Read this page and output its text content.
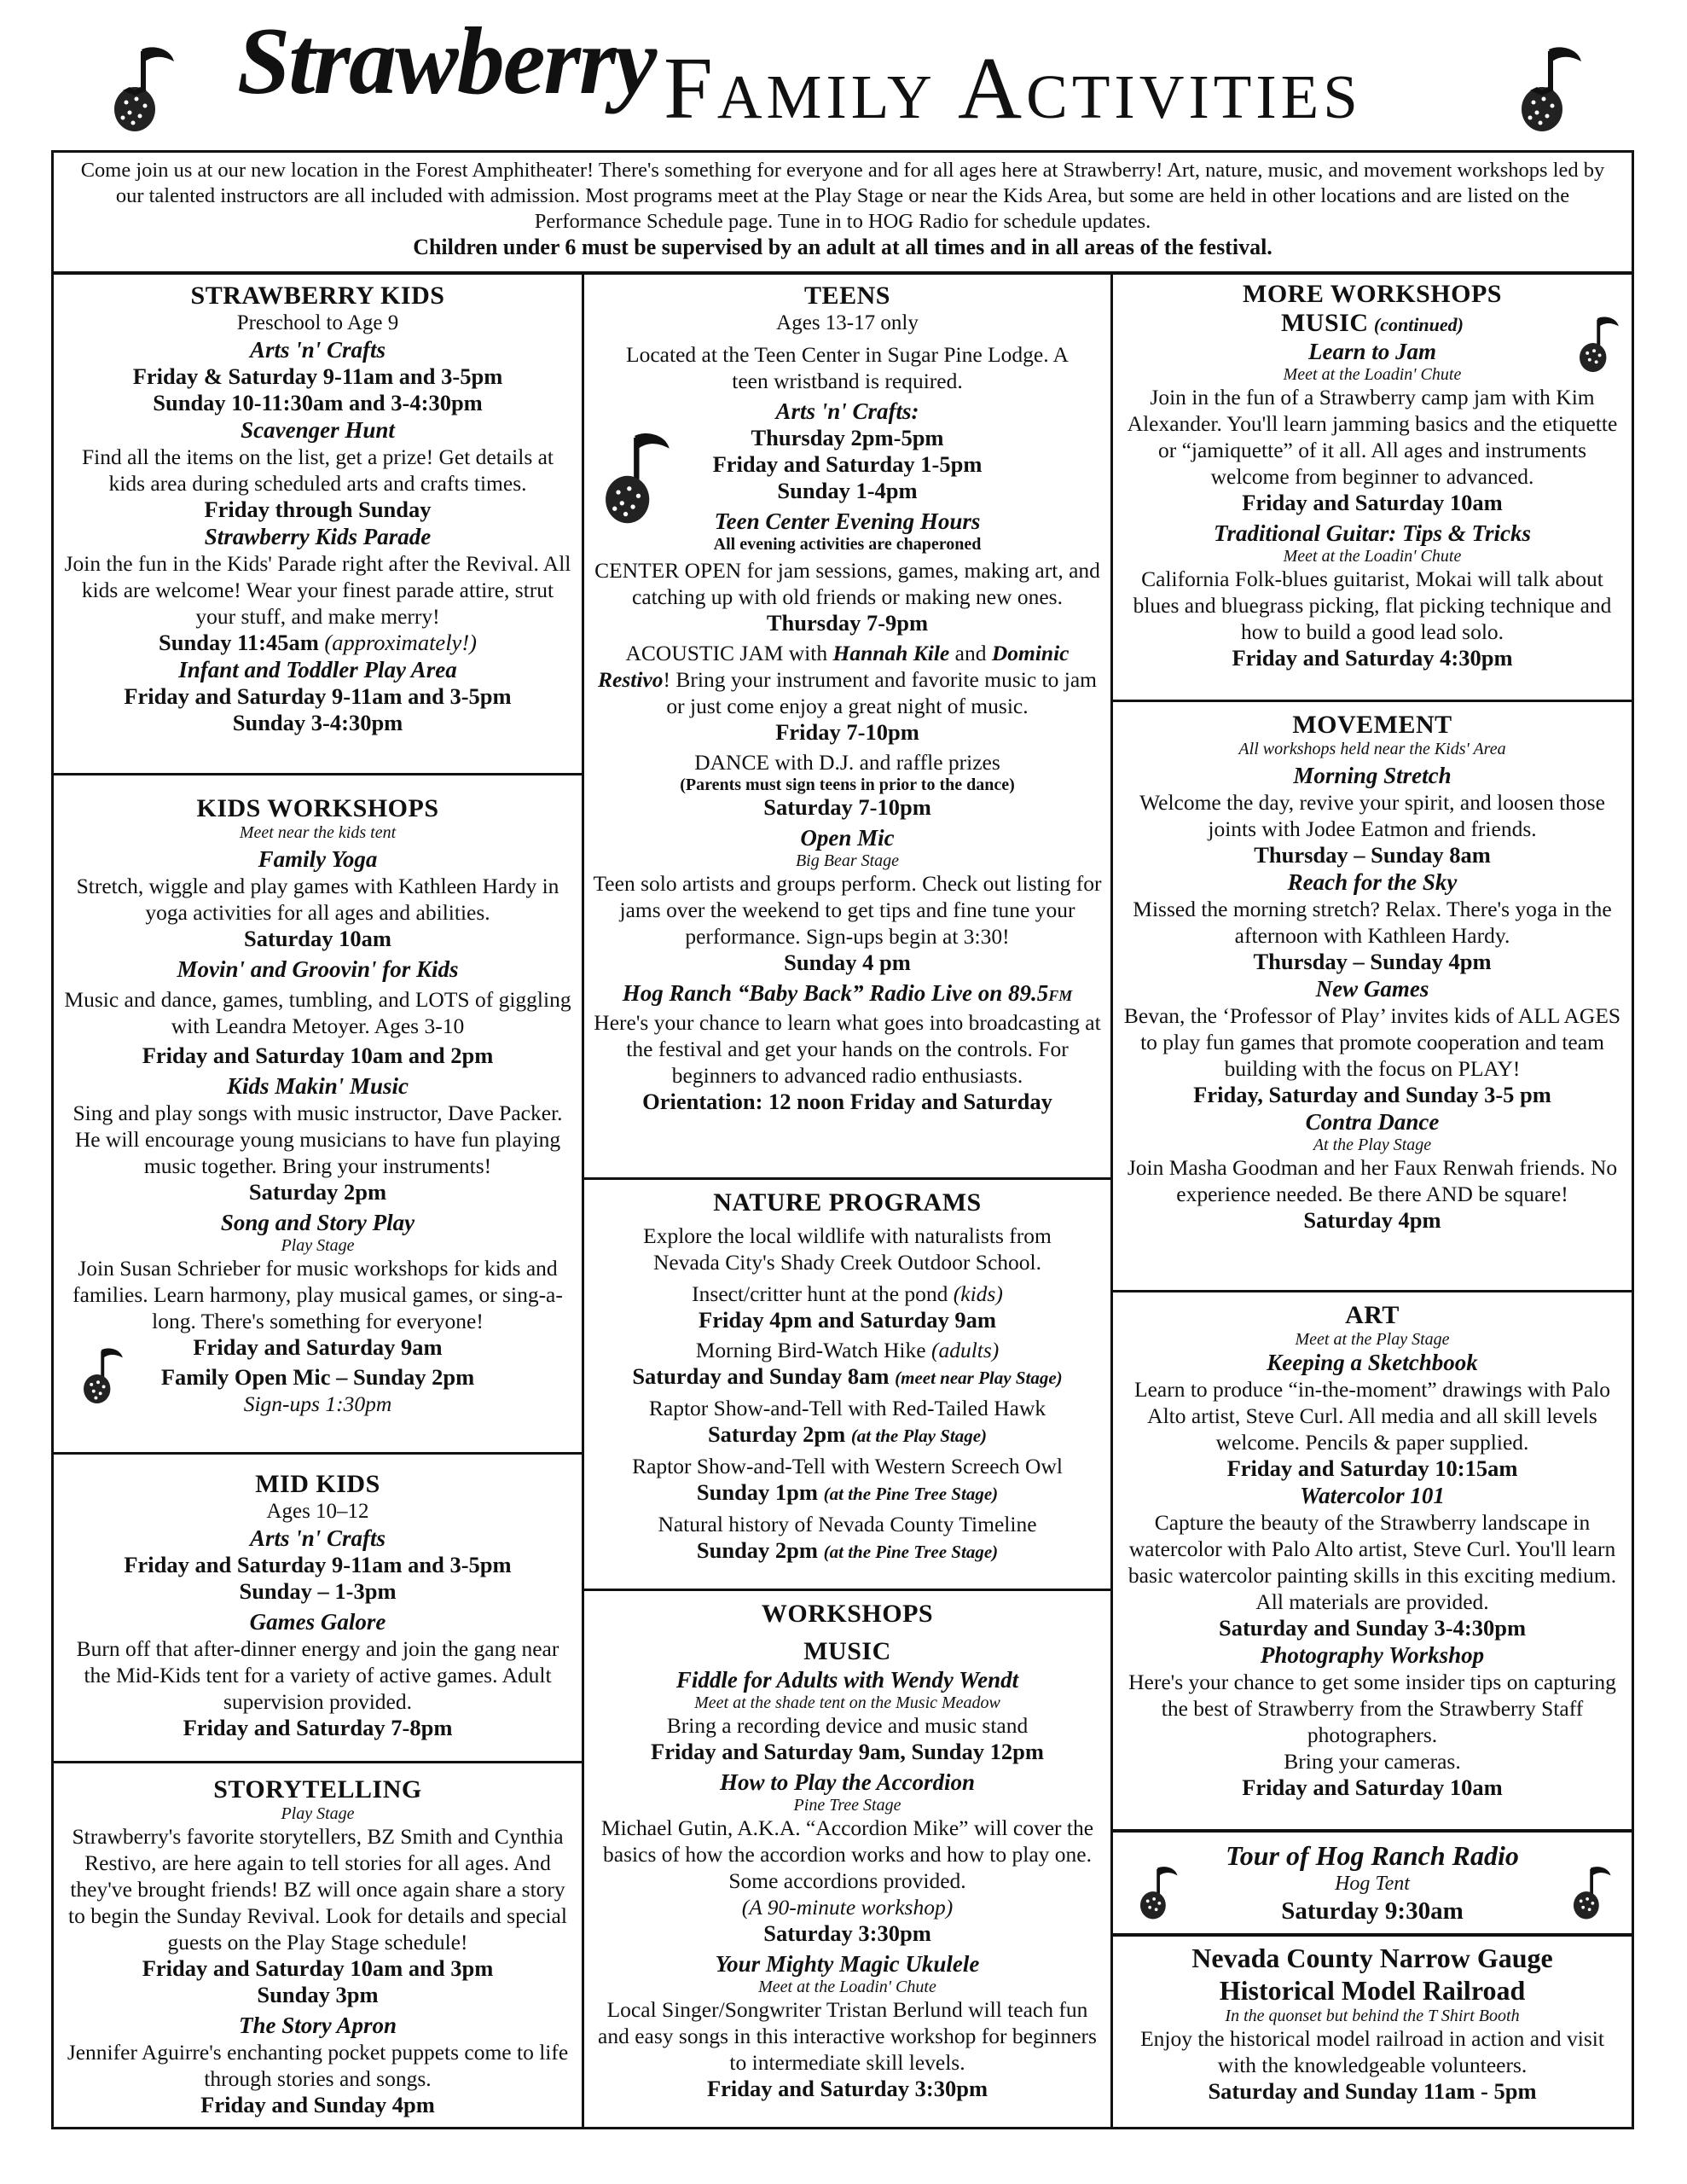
Strawberry Family Activities
Come join us at our new location in the Forest Amphitheater! There's something for everyone and for all ages here at Strawberry! Art, nature, music, and movement workshops led by our talented instructors are all included with admission. Most programs meet at the Play Stage or near the Kids Area, but some are held in other locations and are listed on the Performance Schedule page. Tune in to HOG Radio for schedule updates.
Children under 6 must be supervised by an adult at all times and in all areas of the festival.
STRAWBERRY KIDS
Preschool to Age 9
Arts 'n' Crafts
Friday & Saturday 9-11am and 3-5pm
Sunday 10-11:30am and 3-4:30pm
Scavenger Hunt
Find all the items on the list, get a prize! Get details at kids area during scheduled arts and crafts times.
Friday through Sunday
Strawberry Kids Parade
Join the fun in the Kids' Parade right after the Revival. All kids are welcome! Wear your finest parade attire, strut your stuff, and make merry!
Sunday 11:45am (approximately!)
Infant and Toddler Play Area
Friday and Saturday 9-11am and 3-5pm
Sunday 3-4:30pm
KIDS WORKSHOPS
Meet near the kids tent
Family Yoga
Stretch, wiggle and play games with Kathleen Hardy in yoga activities for all ages and abilities.
Saturday 10am
Movin' and Groovin' for Kids
Music and dance, games, tumbling, and LOTS of giggling with Leandra Metoyer. Ages 3-10
Friday and Saturday 10am and 2pm
Kids Makin' Music
Sing and play songs with music instructor, Dave Packer. He will encourage young musicians to have fun playing music together. Bring your instruments!
Saturday 2pm
Song and Story Play
Play Stage
Join Susan Schrieber for music workshops for kids and families. Learn harmony, play musical games, or sing-a-long. There's something for everyone!
Friday and Saturday 9am
Family Open Mic – Sunday 2pm
Sign-ups 1:30pm
MID KIDS
Ages 10–12
Arts 'n' Crafts
Friday and Saturday 9-11am and 3-5pm
Sunday – 1-3pm
Games Galore
Burn off that after-dinner energy and join the gang near the Mid-Kids tent for a variety of active games. Adult supervision provided.
Friday and Saturday 7-8pm
STORYTELLING
Play Stage
Strawberry's favorite storytellers, BZ Smith and Cynthia Restivo, are here again to tell stories for all ages. And they've brought friends! BZ will once again share a story to begin the Sunday Revival. Look for details and special guests on the Play Stage schedule!
Friday and Saturday 10am and 3pm
Sunday 3pm
The Story Apron
Jennifer Aguirre's enchanting pocket puppets come to life through stories and songs.
Friday and Sunday 4pm
TEENS
Ages 13-17 only
Located at the Teen Center in Sugar Pine Lodge. A teen wristband is required.
Arts 'n' Crafts:
Thursday 2pm-5pm
Friday and Saturday 1-5pm
Sunday 1-4pm
Teen Center Evening Hours
All evening activities are chaperoned
CENTER OPEN for jam sessions, games, making art, and catching up with old friends or making new ones.
Thursday 7-9pm
ACOUSTIC JAM with Hannah Kile and Dominic Restivo! Bring your instrument and favorite music to jam or just come enjoy a great night of music.
Friday 7-10pm
DANCE with D.J. and raffle prizes
(Parents must sign teens in prior to the dance)
Saturday 7-10pm
Open Mic
Big Bear Stage
Teen solo artists and groups perform. Check out listing for jams over the weekend to get tips and fine tune your performance. Sign-ups begin at 3:30!
Sunday 4 pm
Hog Ranch “Baby Back” Radio Live on 89.5FM
Here's your chance to learn what goes into broadcasting at the festival and get your hands on the controls. For beginners to advanced radio enthusiasts.
Orientation: 12 noon Friday and Saturday
NATURE PROGRAMS
Explore the local wildlife with naturalists from Nevada City's Shady Creek Outdoor School.
Insect/critter hunt at the pond (kids)
Friday 4pm and Saturday 9am
Morning Bird-Watch Hike (adults)
Saturday and Sunday 8am (meet near Play Stage)
Raptor Show-and-Tell with Red-Tailed Hawk
Saturday 2pm (at the Play Stage)
Raptor Show-and-Tell with Western Screech Owl
Sunday 1pm (at the Pine Tree Stage)
Natural history of Nevada County Timeline
Sunday 2pm (at the Pine Tree Stage)
WORKSHOPS
MUSIC
Fiddle for Adults with Wendy Wendt
Meet at the shade tent on the Music Meadow
Bring a recording device and music stand
Friday and Saturday 9am, Sunday 12pm
How to Play the Accordion
Pine Tree Stage
Michael Gutin, A.K.A. “Accordion Mike” will cover the basics of how the accordion works and how to play one. Some accordions provided.
(A 90-minute workshop)
Saturday 3:30pm
Your Mighty Magic Ukulele
Meet at the Loadin' Chute
Local Singer/Songwriter Tristan Berlund will teach fun and easy songs in this interactive workshop for beginners to intermediate skill levels.
Friday and Saturday 3:30pm
MORE WORKSHOPS
MUSIC (continued)
Learn to Jam
Meet at the Loadin' Chute
Join in the fun of a Strawberry camp jam with Kim Alexander. You'll learn jamming basics and the etiquette or “jamiquette” of it all. All ages and instruments welcome from beginner to advanced.
Friday and Saturday 10am
Traditional Guitar: Tips & Tricks
Meet at the Loadin' Chute
California Folk-blues guitarist, Mokai will talk about blues and bluegrass picking, flat picking technique and how to build a good lead solo.
Friday and Saturday 4:30pm
MOVEMENT
All workshops held near the Kids' Area
Morning Stretch
Welcome the day, revive your spirit, and loosen those joints with Jodee Eatmon and friends.
Thursday – Sunday 8am
Reach for the Sky
Missed the morning stretch? Relax. There's yoga in the afternoon with Kathleen Hardy.
Thursday – Sunday 4pm
New Games
Bevan, the ‘Professor of Play’ invites kids of ALL AGES to play fun games that promote cooperation and team building with the focus on PLAY!
Friday, Saturday and Sunday 3-5 pm
Contra Dance
At the Play Stage
Join Masha Goodman and her Faux Renwah friends. No experience needed. Be there AND be square!
Saturday 4pm
ART
Meet at the Play Stage
Keeping a Sketchbook
Learn to produce “in-the-moment” drawings with Palo Alto artist, Steve Curl. All media and all skill levels welcome. Pencils & paper supplied.
Friday and Saturday 10:15am
Watercolor 101
Capture the beauty of the Strawberry landscape in watercolor with Palo Alto artist, Steve Curl. You'll learn basic watercolor painting skills in this exciting medium. All materials are provided.
Saturday and Sunday 3-4:30pm
Photography Workshop
Here's your chance to get some insider tips on capturing the best of Strawberry from the Strawberry Staff photographers.
Bring your cameras.
Friday and Saturday 10am
Tour of Hog Ranch Radio
Hog Tent
Saturday 9:30am
Nevada County Narrow Gauge
Historical Model Railroad
In the quonset but behind the T Shirt Booth
Enjoy the historical model railroad in action and visit with the knowledgeable volunteers.
Saturday and Sunday 11am - 5pm
